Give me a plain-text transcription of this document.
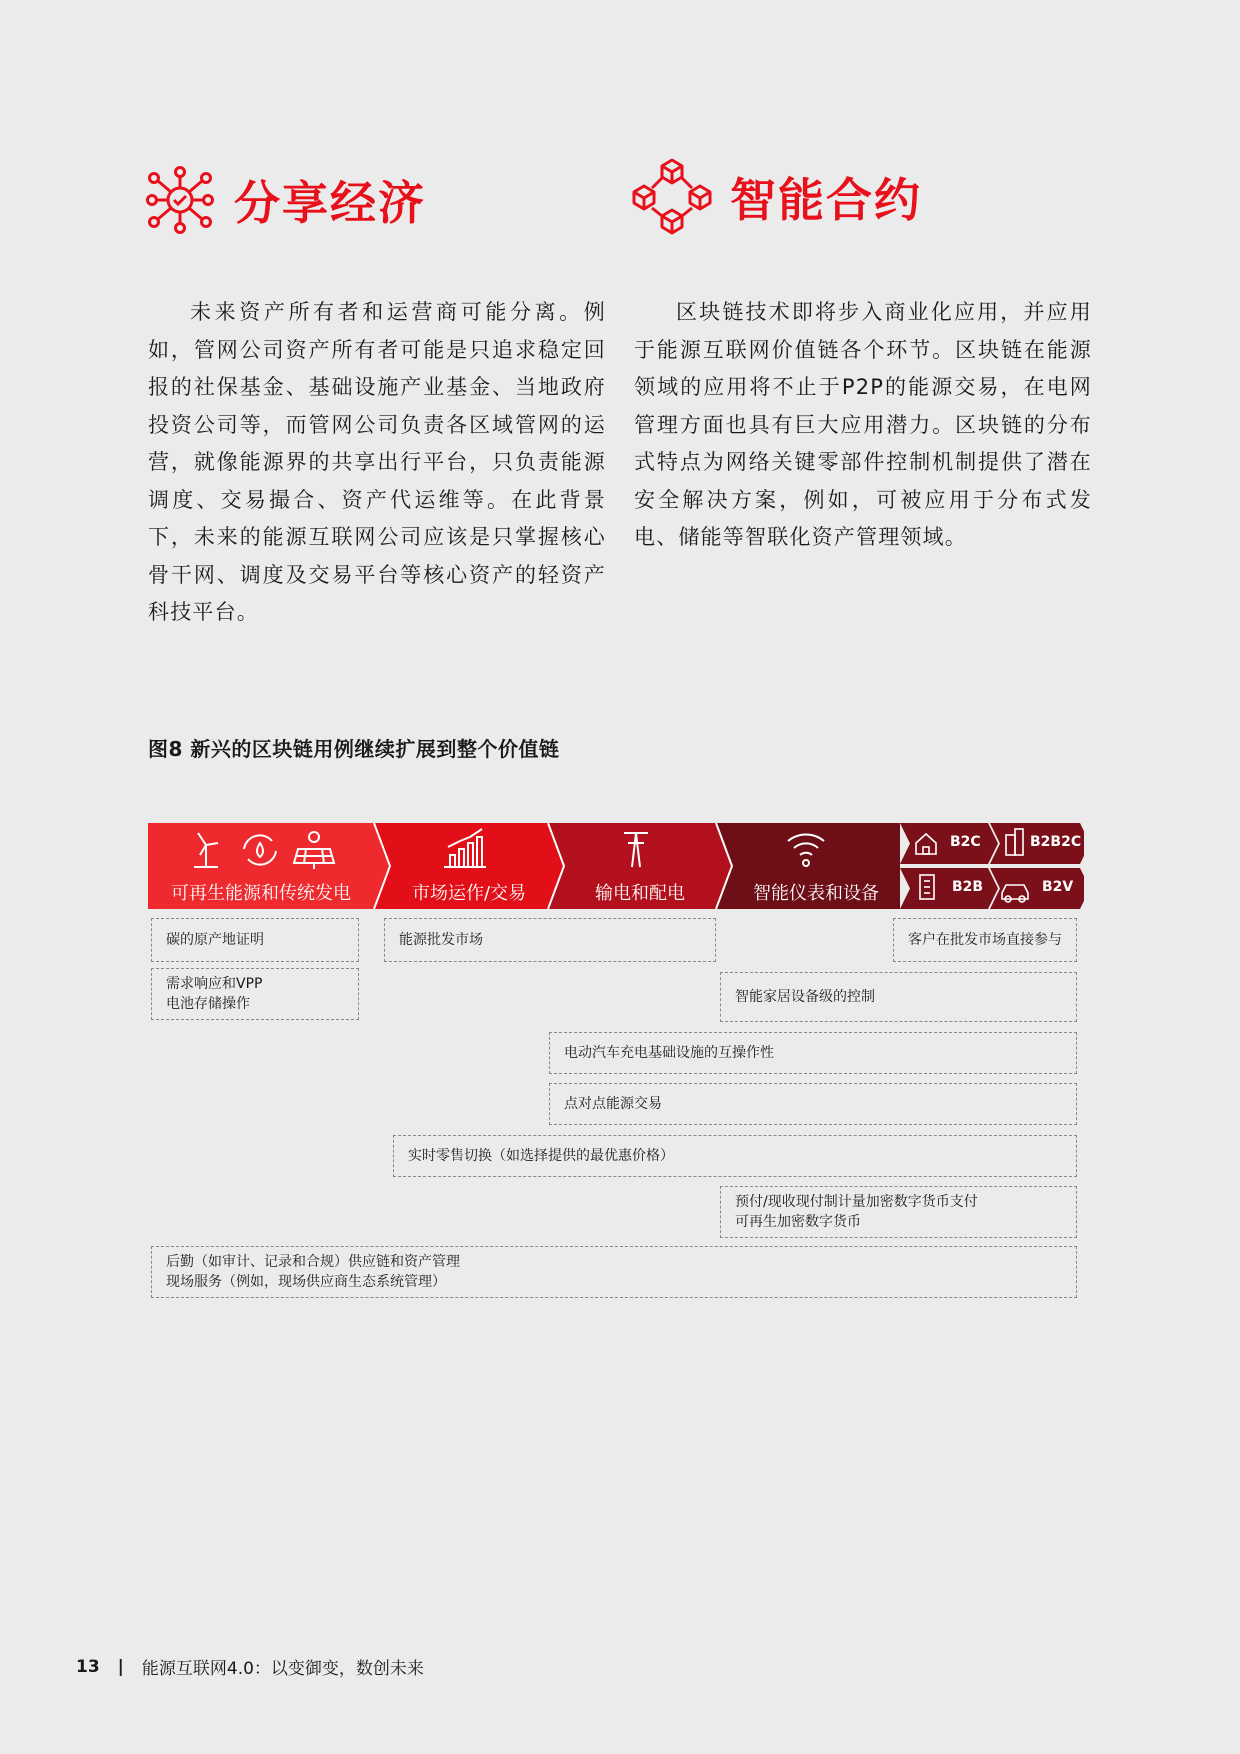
分享经济

未来资产所有者和运营商可能分离。例如，管网公司资产所有者可能是只追求稳定回报的社保基金、基础设施产业基金、当地政府投资公司等，而管网公司负责各区域管网的运营，就像能源界的共享出行平台，只负责能源调度、交易撮合、资产代运维等。在此背景下，未来的能源互联网公司应该是只掌握核心骨干网、调度及交易平台等核心资产的轻资产科技平台。

智能合约

区块链技术即将步入商业化应用，并应用于能源互联网价值链各个环节。区块链在能源领域的应用将不止于P2P的能源交易，在电网管理方面也具有巨大应用潜力。区块链的分布式特点为网络关键零部件控制机制提供了潜在安全解决方案，例如，可被应用于分布式发电、储能等智联化资产管理领域。

图8 新兴的区块链用例继续扩展到整个价值链
可再生能源和传统发电	市场运作/交易	输电和配电	智能仪表和设备
B2C	B2B2C
B2B	B2V
碳的原产地证明	能源批发市场	客户在批发市场直接参与
需求响应和VPP
电池存储操作	智能家居设备级的控制
电动汽车充电基础设施的互操作性
点对点能源交易
实时零售切换（如选择提供的最优惠价格）
预付/现收现付制计量加密数字货币支付
可再生加密数字货币
后勤（如审计、记录和合规）供应链和资产管理
现场服务（例如，现场供应商生态系统管理）
13 | 能源互联网4.0：以变御变，数创未来
